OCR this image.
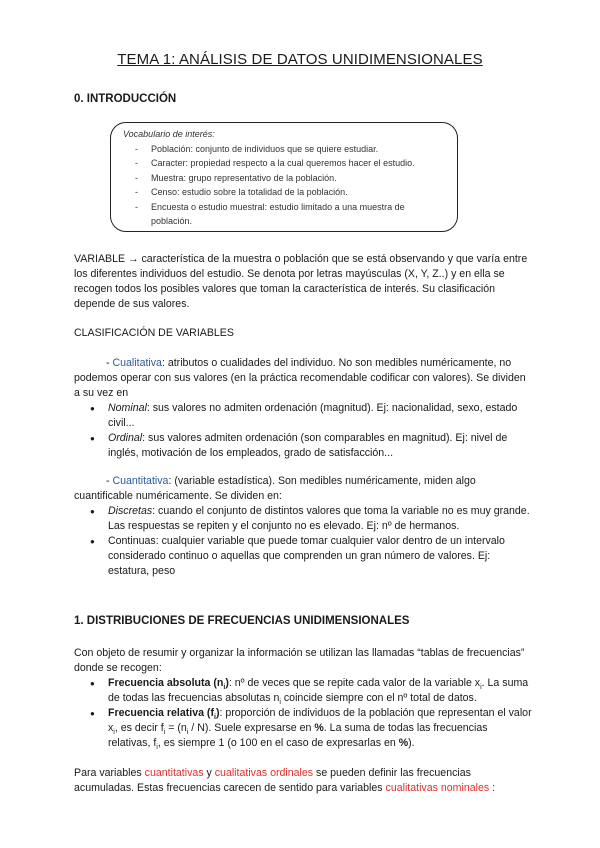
TEMA 1: ANÁLISIS DE DATOS UNIDIMENSIONALES
0. INTRODUCCIÓN
Vocabulario de interés:
- Población: conjunto de individuos que se quiere estudiar.
- Caracter: propiedad respecto a la cual queremos hacer el estudio.
- Muestra: grupo representativo de la población.
- Censo: estudio sobre la totalidad de la población.
- Encuesta o estudio muestral: estudio limitado a una muestra de población.
VARIABLE → característica de la muestra o población que se está observando y que varía entre los diferentes individuos del estudio. Se denota por letras mayúsculas (X, Y, Z..) y en ella se recogen todos los posibles valores que toman la característica de interés. Su clasificación depende de sus valores.
CLASIFICACIÓN DE VARIABLES
- Cualitativa: atributos o cualidades del individuo. No son medibles numéricamente, no podemos operar con sus valores (en la práctica recomendable codificar con valores). Se dividen a su vez en
● Nominal: sus valores no admiten ordenación (magnitud). Ej: nacionalidad, sexo, estado civil...
● Ordinal: sus valores admiten ordenación (son comparables en magnitud). Ej: nivel de inglés, motivación de los empleados, grado de satisfacción...
- Cuantitativa: (variable estadística). Son medibles numéricamente, miden algo cuantificable numéricamente. Se dividen en:
● Discretas: cuando el conjunto de distintos valores que toma la variable no es muy grande. Las respuestas se repiten y el conjunto no es elevado. Ej: nº de hermanos.
● Continuas: cualquier variable que puede tomar cualquier valor dentro de un intervalo considerado continuo o aquellas que comprenden un gran número de valores. Ej: estatura, peso
1. DISTRIBUCIONES DE FRECUENCIAS UNIDIMENSIONALES
Con objeto de resumir y organizar la información se utilizan las llamadas “tablas de frecuencias” donde se recogen:
● Frecuencia absoluta $(n_i)$: nº de veces que se repite cada valor de la variable $x_i$. La suma de todas las frecuencias absolutas $n_i$ coincide siempre con el nº total de datos.
● Frecuencia relativa $(f_i)$: proporción de individuos de la población que representan el valor $x_i$, es decir $f_i = (n_i / N)$. Suele expresarse en %. La suma de todas las frecuencias relativas, $f_i$, es siempre 1 (o 100 en el caso de expresarlas en %).
Para variables cuantitativas y cualitativas ordinales se pueden definir las frecuencias acumuladas. Estas frecuencias carecen de sentido para variables cualitativas nominales :
